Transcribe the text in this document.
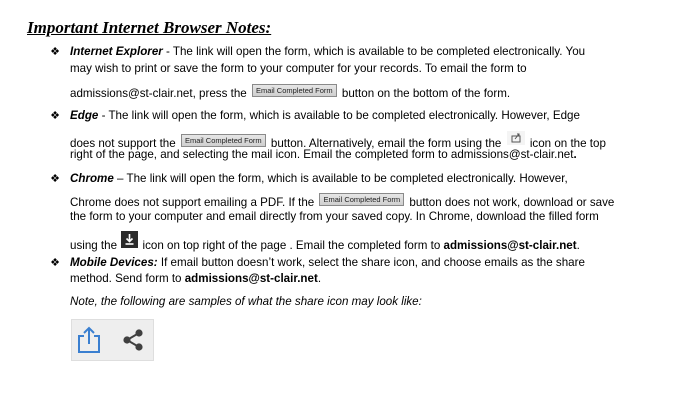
Important Internet Browser Notes:
❖ Internet Explorer - The link will open the form, which is available to be completed electronically. You
may wish to print or save the form to your computer for your records. To email the form to
admissions@st-clair.net, press the Email Completed Form button on the bottom of the form.
❖ Edge - The link will open the form, which is available to be completed electronically. However, Edge
does not support the Email Completed Form button. Alternatively, email the form using the icon on the top
right of the page, and selecting the mail icon. Email the completed form to admissions@st-clair.net.
❖ Chrome – The link will open the form, which is available to be completed electronically. However,
Chrome does not support emailing a PDF. If the Email Completed Form button does not work, download or save
the form to your computer and email directly from your saved copy. In Chrome, download the filled form
using the icon on top right of the page . Email the completed form to admissions@st-clair.net.
❖ Mobile Devices: If email button doesn’t work, select the share icon, and choose emails as the share
method. Send form to admissions@st-clair.net.
Note, the following are samples of what the share icon may look like:
